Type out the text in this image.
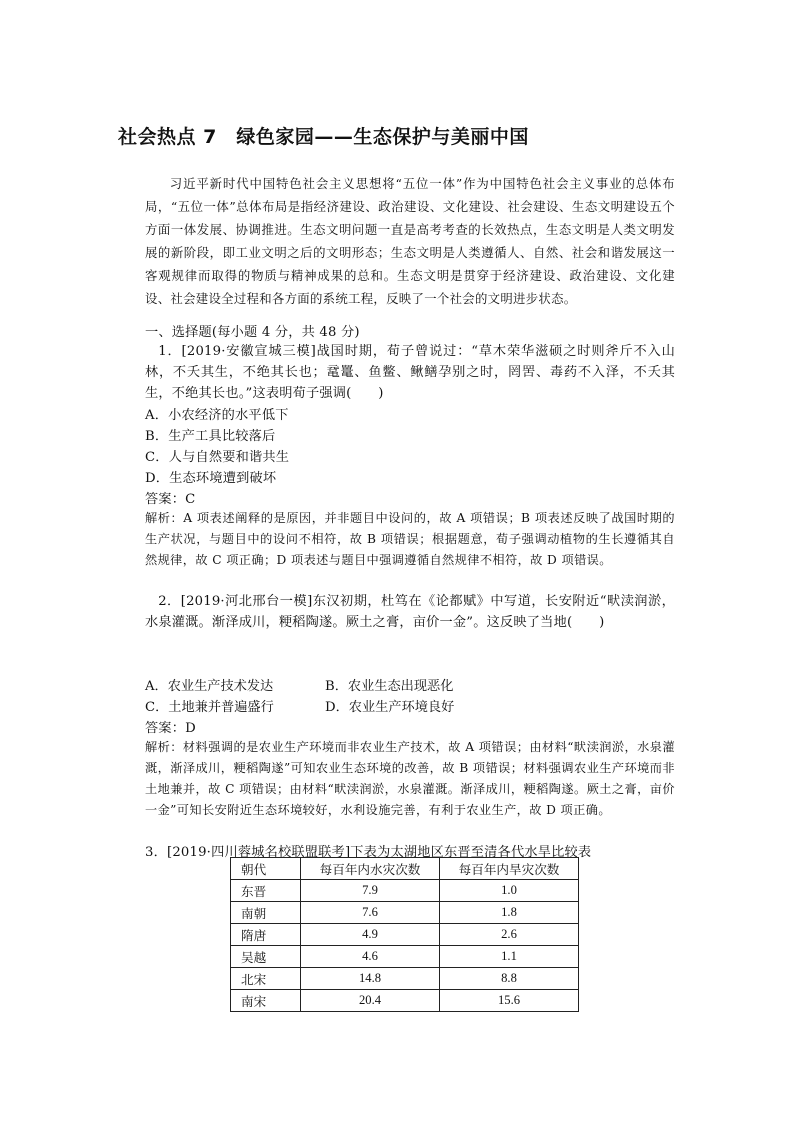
社会热点 7　绿色家园——生态保护与美丽中国
习近平新时代中国特色社会主义思想将“五位一体”作为中国特色社会主义事业的总体布局，“五位一体”总体布局是指经济建设、政治建设、文化建设、社会建设、生态文明建设五个方面一体发展、协调推进。生态文明问题一直是高考考查的长效热点，生态文明是人类文明发展的新阶段，即工业文明之后的文明形态；生态文明是人类遵循人、自然、社会和谐发展这一客观规律而取得的物质与精神成果的总和。生态文明是贯穿于经济建设、政治建设、文化建设、社会建设全过程和各方面的系统工程，反映了一个社会的文明进步状态。
一、选择题(每小题 4 分，共 48 分)
1．[2019·安徽宣城三模]战国时期，荀子曾说过：“草木荣华滋硕之时则斧斤不入山林，不夭其生，不绝其长也；鼋鼍、鱼鳖、鳅鳝孕别之时，罔罟、毒药不入泽，不夭其生，不绝其长也。”这表明荀子强调(　　)
A．小农经济的水平低下
B．生产工具比较落后
C．人与自然要和谐共生
D．生态环境遭到破坏
答案：C
解析：A 项表述阐释的是原因，并非题目中设问的，故 A 项错误；B 项表述反映了战国时期的生产状况，与题目中的设问不相符，故 B 项错误；根据题意，荀子强调动植物的生长遵循其自然规律，故 C 项正确；D 项表述与题目中强调遵循自然规律不相符，故 D 项错误。
2．[2019·河北邢台一模]东汉初期，杜笃在《论都赋》中写道，长安附近“畎渎润淤，水泉灌溉。渐泽成川，粳稻陶遂。厥土之膏，亩价一金”。这反映了当地(　　)
A．农业生产技术发达	B．农业生态出现恶化
C．土地兼并普遍盛行	D．农业生产环境良好
答案：D
解析：材料强调的是农业生产环境而非农业生产技术，故 A 项错误；由材料“畎渎润淤，水泉灌溉，渐泽成川，粳稻陶遂”可知农业生态环境的改善，故 B 项错误；材料强调农业生产环境而非土地兼并，故 C 项错误；由材料“畎渎润淤，水泉灌溉。渐泽成川，粳稻陶遂。厥土之膏，亩价一金”可知长安附近生态环境较好，水利设施完善，有利于农业生产，故 D 项正确。
3．[2019·四川蓉城名校联盟联考]下表为太湖地区东晋至清各代水旱比较表
朝代	每百年内水灾次数	每百年内旱灾次数
东晋	7.9	1.0
南朝	7.6	1.8
隋唐	4.9	2.6
吴越	4.6	1.1
北宋	14.8	8.8
南宋	20.4	15.6
